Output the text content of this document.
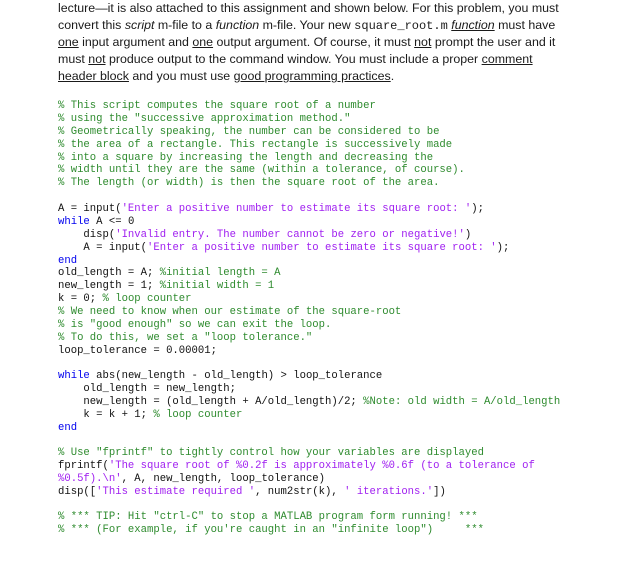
lecture—it is also attached to this assignment and shown below. For this problem, you must
convert this script m-file to a function m-file. Your new square_root.m function must have
one input argument and one output argument. Of course, it must not prompt the user and it
must not produce output to the command window. You must include a proper comment
header block and you must use good programming practices.
% This script computes the square root of a number
% using the "successive approximation method."
% Geometrically speaking, the number can be considered to be
% the area of a rectangle. This rectangle is successively made
% into a square by increasing the length and decreasing the
% width until they are the same (within a tolerance, of course).
% The length (or width) is then the square root of the area.
A = input('Enter a positive number to estimate its square root: ');
while A <= 0
disp('Invalid entry. The number cannot be zero or negative!')
A = input('Enter a positive number to estimate its square root: ');
end
old_length = A; %initial length = A
new_length = 1; %initial width = 1
k = 0; % loop counter
% We need to know when our estimate of the square-root
% is "good enough" so we can exit the loop.
% To do this, we set a "loop tolerance."
loop_tolerance = 0.00001;
while abs(new_length - old_length) > loop_tolerance
old_length = new_length;
new_length = (old_length + A/old_length)/2; %Note: old width = A/old_length
k = k + 1; % loop counter
end
% Use "fprintf" to tightly control how your variables are displayed
fprintf('The square root of %0.2f is approximately %0.6f (to a tolerance of
%0.5f).\n', A, new_length, loop_tolerance)
disp(['This estimate required ', num2str(k), ' iterations.'])
% *** TIP: Hit "ctrl-C" to stop a MATLAB program form running! ***
% *** (For example, if you're caught in an "infinite loop")     ***
